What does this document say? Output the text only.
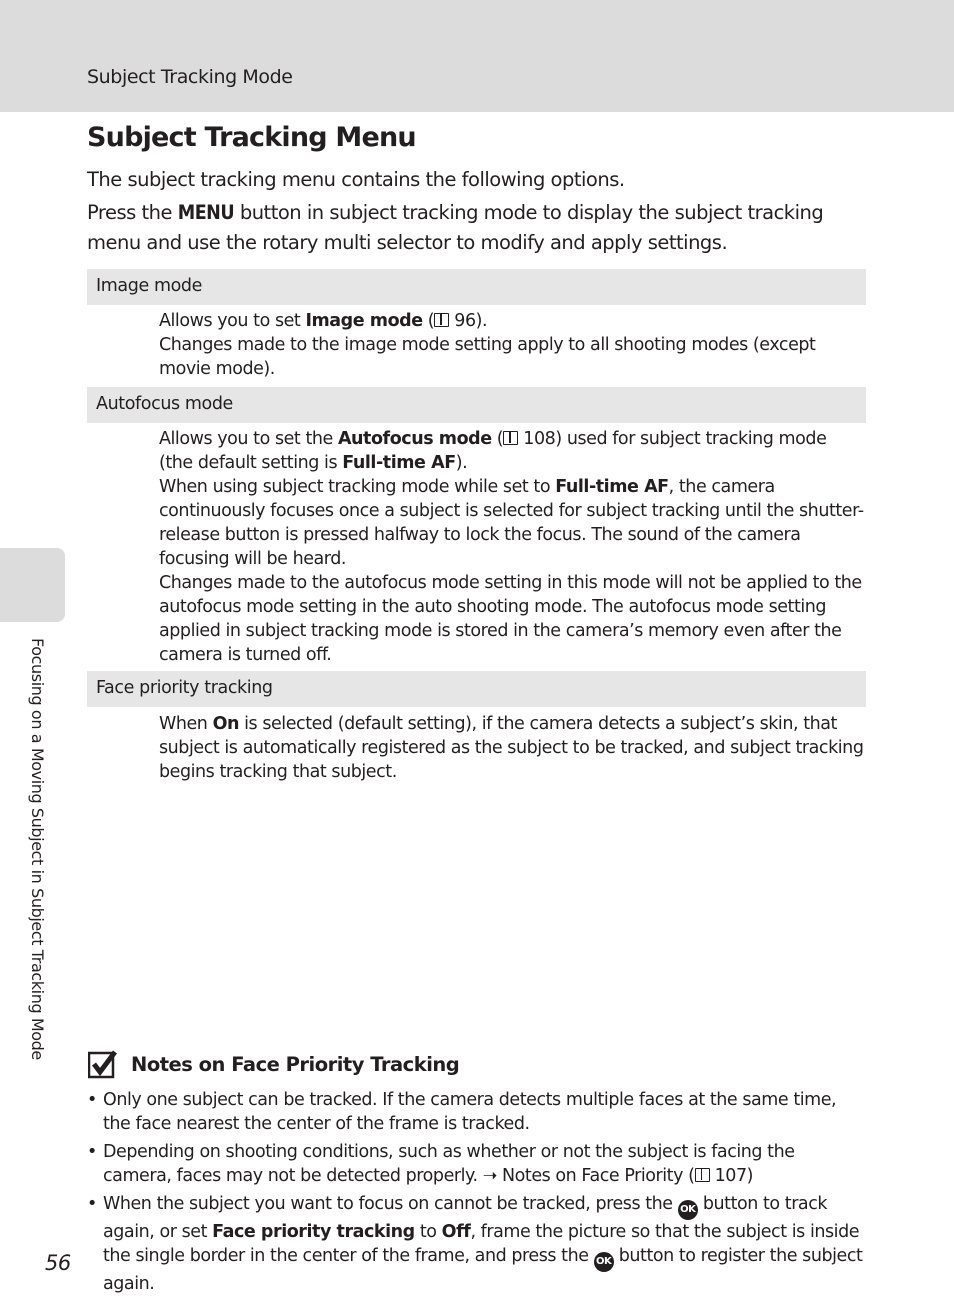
Subject Tracking Mode
Focusing on a Moving Subject in Subject Tracking Mode
Subject Tracking Menu
The subject tracking menu contains the following options.
Press the MENU button in subject tracking mode to display the subject tracking menu and use the rotary multi selector to modify and apply settings.
Image mode

Allows you to set Image mode ( 96).

Changes made to the image mode setting apply to all shooting modes (except movie mode).

Autofocus mode

Allows you to set the Autofocus mode ( 108) used for subject tracking mode (the default setting is Full-time AF).

When using subject tracking mode while set to Full-time AF, the camera continuously focuses once a subject is selected for subject tracking until the shutter-release button is pressed halfway to lock the focus. The sound of the camera focusing will be heard.

Changes made to the autofocus mode setting in this mode will not be applied to the autofocus mode setting in the auto shooting mode. The autofocus mode setting applied in subject tracking mode is stored in the camera’s memory even after the camera is turned off.

Face priority tracking

When On is selected (default setting), if the camera detects a subject’s skin, that subject is automatically registered as the subject to be tracked, and subject tracking begins tracking that subject.

Notes on Face Priority Tracking
• Only one subject can be tracked. If the camera detects multiple faces at the same time, the face nearest the center of the frame is tracked.
• Depending on shooting conditions, such as whether or not the subject is facing the camera, faces may not be detected properly. ➝ Notes on Face Priority ( 107)
• When the subject you want to focus on cannot be tracked, press the OK button to track again, or set Face priority tracking to Off, frame the picture so that the subject is inside the single border in the center of the frame, and press the OK button to register the subject again.
56
